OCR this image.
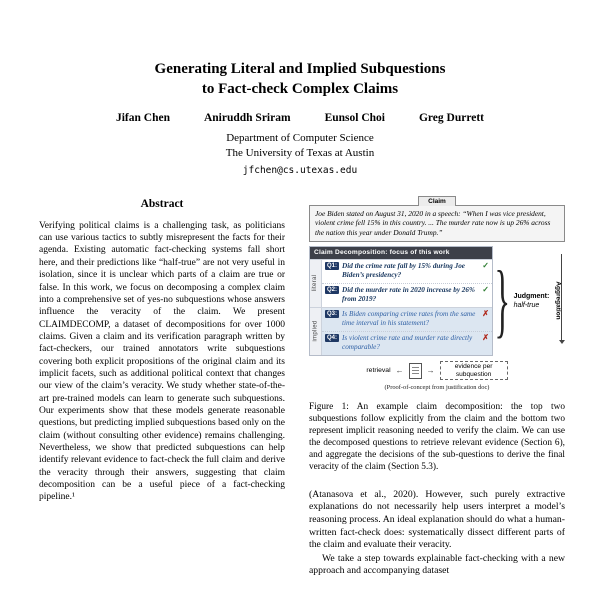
Generating Literal and Implied Subquestions
to Fact-check Complex Claims
Jifan Chen	Aniruddh Sriram	Eunsol Choi	Greg Durrett
Department of Computer Science
The University of Texas at Austin
jfchen@cs.utexas.edu
Abstract
Verifying political claims is a challenging task, as politicians can use various tactics to subtly misrepresent the facts for their agenda. Existing automatic fact-checking systems fall short here, and their predictions like “half-true” are not very useful in isolation, since it is unclear which parts of a claim are true or false. In this work, we focus on decomposing a complex claim into a comprehensive set of yes-no subquestions whose answers influence the veracity of the claim. We present CLAIMDECOMP, a dataset of decompositions for over 1000 claims. Given a claim and its verification paragraph written by fact-checkers, our trained annotators write subquestions covering both explicit propositions of the original claim and its implicit facets, such as additional political context that changes our view of the claim’s veracity. We study whether state-of-the-art pre-trained models can learn to generate such subquestions. Our experiments show that these models generate reasonable questions, but predicting implied subquestions based only on the claim (without consulting other evidence) remains challenging. Nevertheless, we show that predicted subquestions can help identify relevant evidence to fact-check the full claim and derive the veracity through their answers, suggesting that claim decomposition can be a useful piece of a fact-checking pipeline.¹
Claim
Joe Biden stated on August 31, 2020 in a speech: “When I was vice president, violent crime fell 15% in this country. ... The murder rate now is up 26% across the nation this year under Donald Trump.”
Claim Decomposition: focus of this work
literal
Q1: Did the crime rate fall by 15% during Joe Biden’s presidency?
✓
Q2: Did the murder rate in 2020 increase by 26% from 2019?
✓
implied
Q3: Is Biden comparing crime rates from the same time interval in his statement?
✗
Q4: Is violent crime rate and murder rate directly comparable?
✗ } Judgment:
half-true	Aggregation
retrieval ←	→	evidence per subquestion
(Proof-of-concept from justification doc)
Figure 1: An example claim decomposition: the top two subquestions follow explicitly from the claim and the bottom two represent implicit reasoning needed to verify the claim. We can use the decomposed questions to retrieve relevant evidence (Section 6), and aggregate the decisions of the sub-questions to derive the final veracity of the claim (Section 5.3).

(Atanasova et al., 2020). However, such purely extractive explanations do not necessarily help users interpret a model’s reasoning process. An ideal explanation should do what a human-written fact-check does: systematically dissect different parts of the claim and evaluate their veracity.

We take a step towards explainable fact-checking with a new approach and accompanying dataset
